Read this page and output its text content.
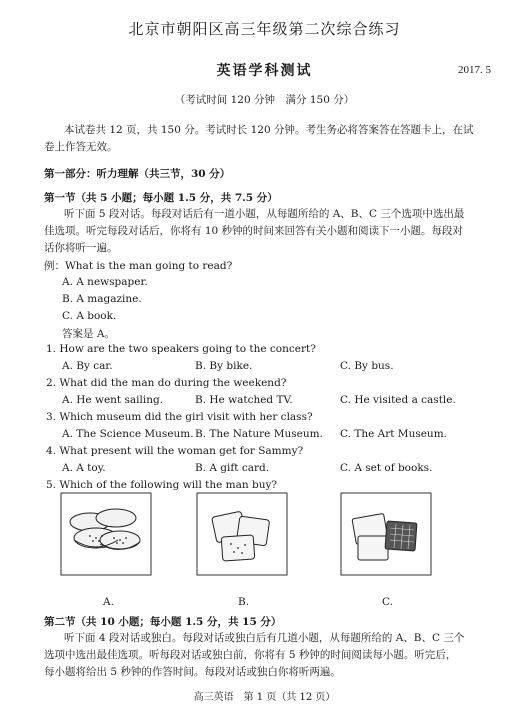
北京市朝阳区高三年级第二次综合练习
英语学科测试	2017. 5
（考试时间 120 分钟　满分 150 分）
本试卷共 12 页，共 150 分。考试时长 120 分钟。考生务必将答案答在答题卡上，在试
卷上作答无效。
第一部分：听力理解（共三节，30 分）
第一节（共 5 小题；每小题 1.5 分，共 7.5 分）
听下面 5 段对话。每段对话后有一道小题，从每题所给的 A、B、C 三个选项中选出最
佳选项。听完每段对话后，你将有 10 秒钟的时间来回答有关小题和阅读下一小题。每段对
话你将听一遍。
例：What is the man going to read?
A. A newspaper.
B. A magazine.
C. A book.
答案是 A。
1. How are the two speakers going to the concert?
A. By car.	B. By bike.	C. By bus.
2. What did the man do during the weekend?
A. He went sailing.	B. He watched TV.	C. He visited a castle.
3. Which museum did the girl visit with her class?
A. The Science Museum. B. The Nature Museum. C. The Art Museum.
4. What present will the woman get for Sammy?
A. A toy.	B. A gift card.	C. A set of books.
5. Which of the following will the man buy?
A.	B.	C.
第二节（共 10 小题；每小题 1.5 分，共 15 分）
听下面 4 段对话或独白。每段对话或独白后有几道小题，从每题所给的 A、B、C 三个
选项中选出最佳选项。听每段对话或独白前，你将有 5 秒钟的时间阅读每小题。听完后，
每小题将给出 5 秒钟的作答时间。每段对话或独白你将听两遍。
高三英语　第 1 页（共 12 页）
